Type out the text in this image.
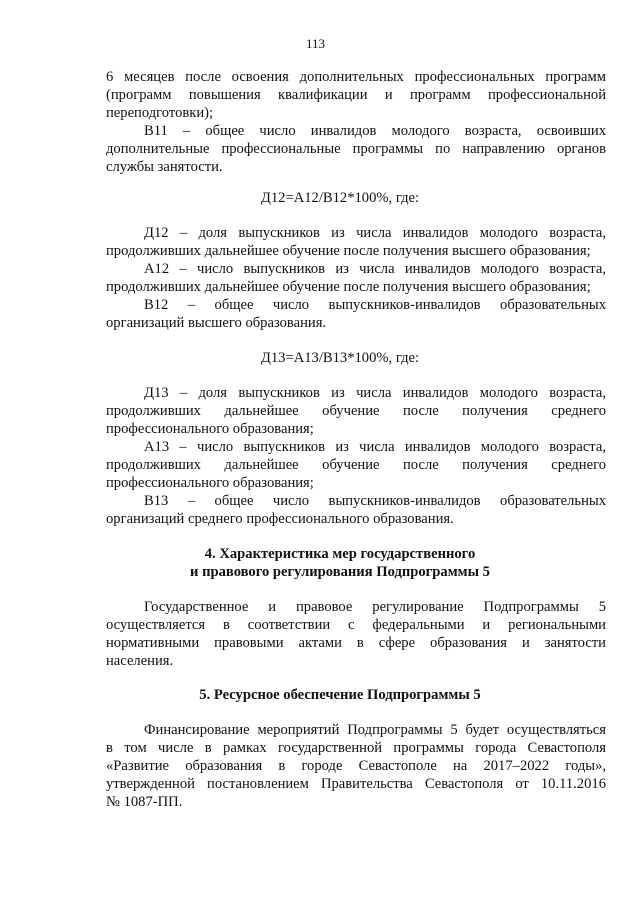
113
6 месяцев после освоения дополнительных профессиональных программ
(программ повышения квалификации и программ профессиональной
переподготовки);
В11 – общее число инвалидов молодого возраста, освоивших
дополнительные профессиональные программы по направлению органов
службы занятости.
Д12=А12/В12*100%, где:
Д12 – доля выпускников из числа инвалидов молодого возраста,
продолживших дальнейшее обучение после получения высшего образования;
А12 – число выпускников из числа инвалидов молодого возраста,
продолживших дальнейшее обучение после получения высшего образования;
В12 – общее число выпускников-инвалидов образовательных
организаций высшего образования.
Д13=А13/В13*100%, где:
Д13 – доля выпускников из числа инвалидов молодого возраста,
продолживших дальнейшее обучение после получения среднего
профессионального образования;
А13 – число выпускников из числа инвалидов молодого возраста,
продолживших дальнейшее обучение после получения среднего
профессионального образования;
В13 – общее число выпускников-инвалидов образовательных
организаций среднего профессионального образования.
4. Характеристика мер государственного
и правового регулирования Подпрограммы 5
Государственное и правовое регулирование Подпрограммы 5
осуществляется в соответствии с федеральными и региональными
нормативными правовыми актами в сфере образования и занятости
населения.
5. Ресурсное обеспечение Подпрограммы 5
Финансирование мероприятий Подпрограммы 5 будет осуществляться
в том числе в рамках государственной программы города Севастополя
«Развитие образования в городе Севастополе на 2017–2022 годы»,
утвержденной постановлением Правительства Севастополя от 10.11.2016
№ 1087-ПП.
